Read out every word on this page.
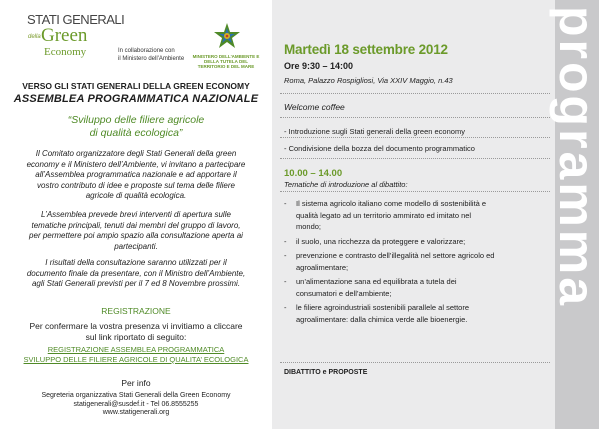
STATI GENERALI
della Green
Economy	In collaborazione con
il Ministero dell'Ambiente	MINISTERO DELL'AMBIENTE E DELLA TUTELA DEL TERRITORIO E DEL MARE
VERSO GLI STATI GENERALI DELLA GREEN ECONOMY
ASSEMBLEA PROGRAMMATICA NAZIONALE
“Sviluppo delle filiere agricole
di qualità ecologica”
Il Comitato organizzatore degli Stati Generali della green
economy e il Ministero dell’Ambiente, vi invitano a partecipare
all’Assemblea programmatica nazionale e ad apportare il
vostro contributo di idee e proposte sul tema delle filiere
agricole di qualità ecologica.
L’Assemblea prevede brevi interventi di apertura sulle
tematiche principali, tenuti dai membri del gruppo di lavoro,
per permettere poi ampio spazio alla consultazione aperta ai
partecipanti.
I risultati della consultazione saranno utilizzati per il
documento finale da presentare, con il Ministro dell’Ambiente,
agli Stati Generali previsti per il 7 ed 8 Novembre prossimi.
REGISTRAZIONE
Per confermare la vostra presenza vi invitiamo a cliccare
sul link riportato di seguito:
REGISTRAZIONE ASSEMBLEA PROGRAMMATICA
SVILUPPO DELLE FILIERE AGRICOLE DI QUALITA’ ECOLOGICA
Per info
Segreteria organizzativa Stati Generali della Green Economy
statigenerali@susdef.it - Tel 06.8555255
www.statigenerali.org
programma
Martedì 18 settembre 2012
Ore 9:30 – 14:00
Roma, Palazzo Rospigliosi, Via XXIV Maggio, n.43
Welcome coffee
- Introduzione sugli Stati generali della green economy
- Condivisione della bozza del documento programmatico
10.00 – 14.00
Tematiche di introduzione al dibattito:
- Il sistema agricolo italiano come modello di sostenibilità e
qualità legato ad un territorio ammirato ed imitato nel
mondo;
- il suolo, una ricchezza da proteggere e valorizzare;
- prevenzione e contrasto dell’illegalità nel settore agricolo ed
agroalimentare;
- un’alimentazione sana ed equilibrata a tutela dei
consumatori e dell’ambiente;
- le filiere agroindustriali sostenibili parallele al settore
agroalimentare: dalla chimica verde alle bioenergie.
DIBATTITO e PROPOSTE
